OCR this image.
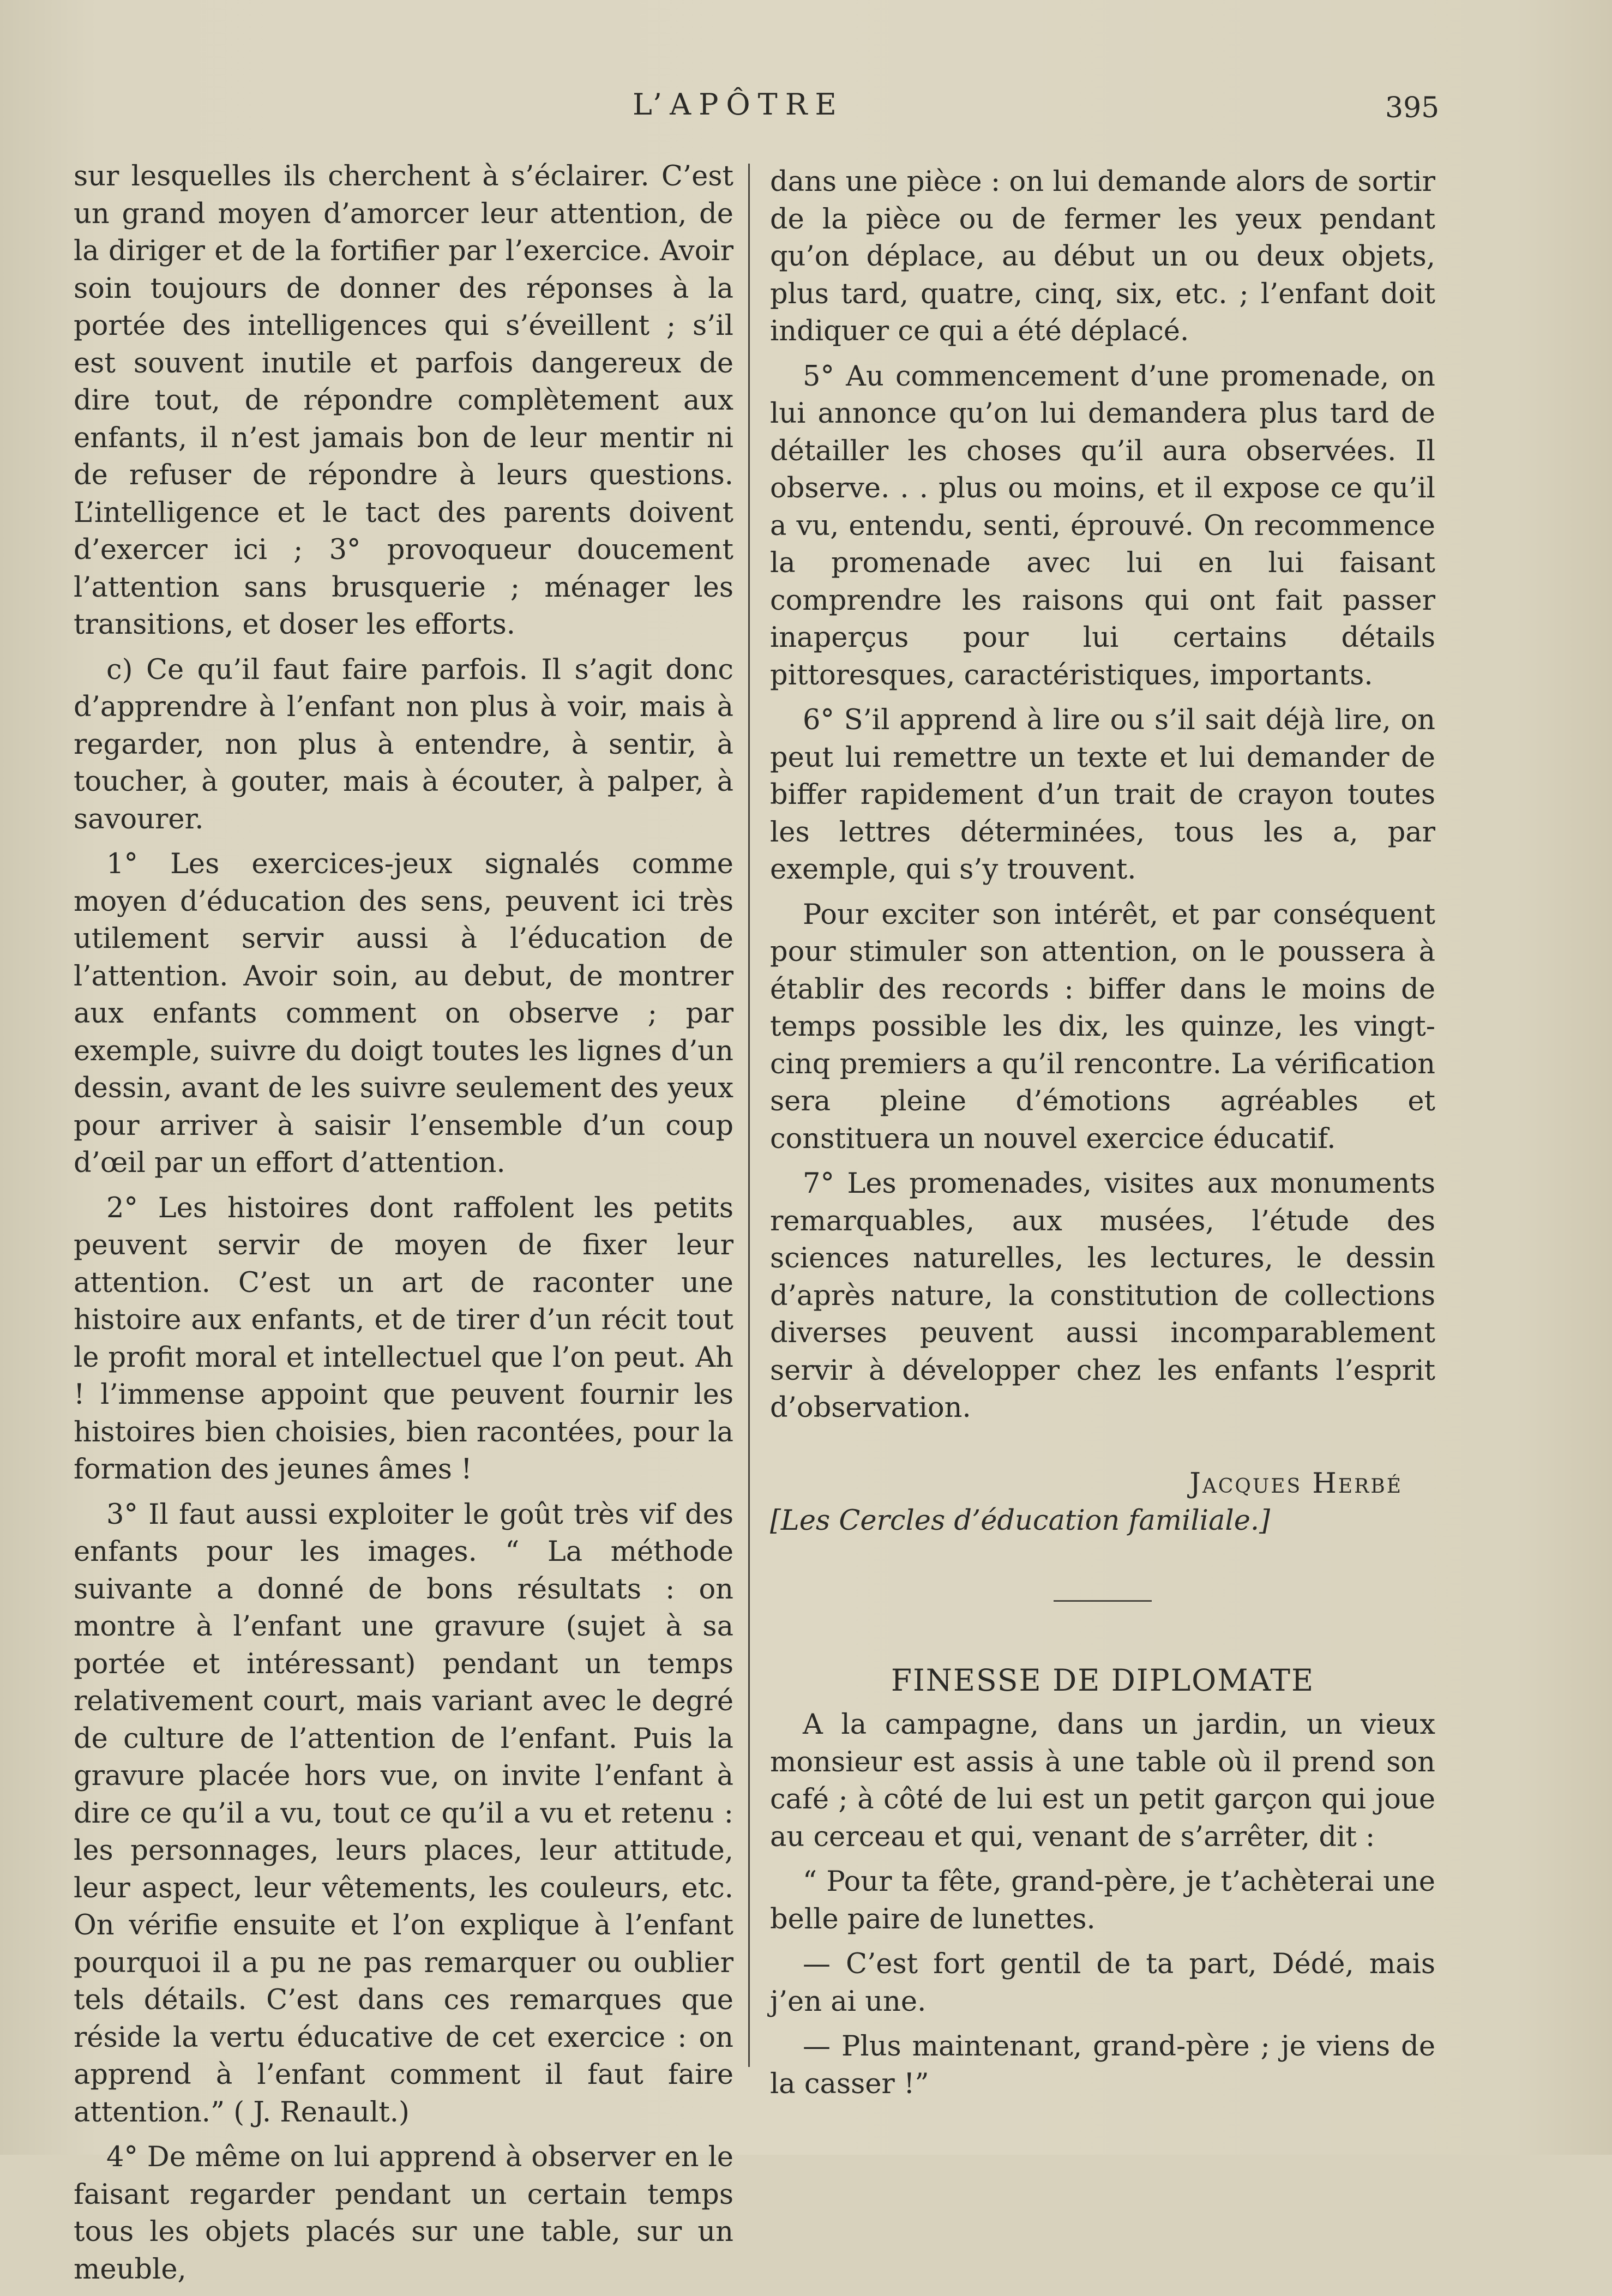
L’APÔTRE	395

sur lesquelles ils cherchent à s’éclairer. C’est un grand moyen d’amorcer leur attention, de la diriger et de la fortifier par l’exercice. Avoir soin toujours de donner des réponses à la portée des intelligences qui s’éveillent ; s’il est souvent inutile et parfois dangereux de dire tout, de répondre complètement aux enfants, il n’est jamais bon de leur mentir ni de refuser de répondre à leurs questions. L’intelligence et le tact des parents doivent d’exercer ici ; 3° provoqueur doucement l’attention sans brusquerie ; ménager les transitions, et doser les efforts.

c) Ce qu’il faut faire parfois. Il s’agit donc d’apprendre à l’enfant non plus à voir, mais à regarder, non plus à entendre, à sentir, à toucher, à gouter, mais à écouter, à palper, à savourer.

1° Les exercices-jeux signalés comme moyen d’éducation des sens, peuvent ici très utilement servir aussi à l’éducation de l’attention. Avoir soin, au debut, de montrer aux enfants comment on observe ; par exemple, suivre du doigt toutes les lignes d’un dessin, avant de les suivre seulement des yeux pour arriver à saisir l’ensemble d’un coup d’œil par un effort d’attention.

2° Les histoires dont raffolent les petits peuvent servir de moyen de fixer leur attention. C’est un art de raconter une histoire aux enfants, et de tirer d’un récit tout le profit moral et intellectuel que l’on peut. Ah ! l’immense appoint que peuvent fournir les histoires bien choisies, bien racontées, pour la formation des jeunes âmes !

3° Il faut aussi exploiter le goût très vif des enfants pour les images. “ La méthode suivante a donné de bons résultats : on montre à l’enfant une gravure (sujet à sa portée et intéressant) pendant un temps relativement court, mais variant avec le degré de culture de l’attention de l’enfant. Puis la gravure placée hors vue, on invite l’enfant à dire ce qu’il a vu, tout ce qu’il a vu et retenu : les personnages, leurs places, leur attitude, leur aspect, leur vêtements, les couleurs, etc. On vérifie ensuite et l’on explique à l’enfant pourquoi il a pu ne pas remarquer ou oublier tels détails. C’est dans ces remarques que réside la vertu éducative de cet exercice : on apprend à l’enfant comment il faut faire attention.” ( J. Renault.)

4° De même on lui apprend à observer en le faisant regarder pendant un certain temps tous les objets placés sur une table, sur un meuble,

dans une pièce : on lui demande alors de sortir de la pièce ou de fermer les yeux pendant qu’on déplace, au début un ou deux objets, plus tard, quatre, cinq, six, etc. ; l’enfant doit indiquer ce qui a été déplacé.

5° Au commencement d’une promenade, on lui annonce qu’on lui demandera plus tard de détailler les choses qu’il aura observées. Il observe. . . plus ou moins, et il expose ce qu’il a vu, entendu, senti, éprouvé. On recommence la promenade avec lui en lui faisant comprendre les raisons qui ont fait passer inaperçus pour lui certains détails pittoresques, caractéristiques, importants.

6° S’il apprend à lire ou s’il sait déjà lire, on peut lui remettre un texte et lui demander de biffer rapidement d’un trait de crayon toutes les lettres déterminées, tous les a, par exemple, qui s’y trouvent.

Pour exciter son intérêt, et par conséquent pour stimuler son attention, on le poussera à établir des records : biffer dans le moins de temps possible les dix, les quinze, les vingt-cinq premiers a qu’il rencontre. La vérification sera pleine d’émotions agréables et constituera un nouvel exercice éducatif.

7° Les promenades, visites aux monuments remarquables, aux musées, l’étude des sciences naturelles, les lectures, le dessin d’après nature, la constitution de collections diverses peuvent aussi incomparablement servir à développer chez les enfants l’esprit d’observation.

Jacques Herbé

[Les Cercles d’éducation familiale.]

FINESSE DE DIPLOMATE

A la campagne, dans un jardin, un vieux monsieur est assis à une table où il prend son café ; à côté de lui est un petit garçon qui joue au cerceau et qui, venant de s’arrêter, dit :

“ Pour ta fête, grand-père, je t’achèterai une belle paire de lunettes.

— C’est fort gentil de ta part, Dédé, mais j’en ai une.

— Plus maintenant, grand-père ; je viens de la casser !”
